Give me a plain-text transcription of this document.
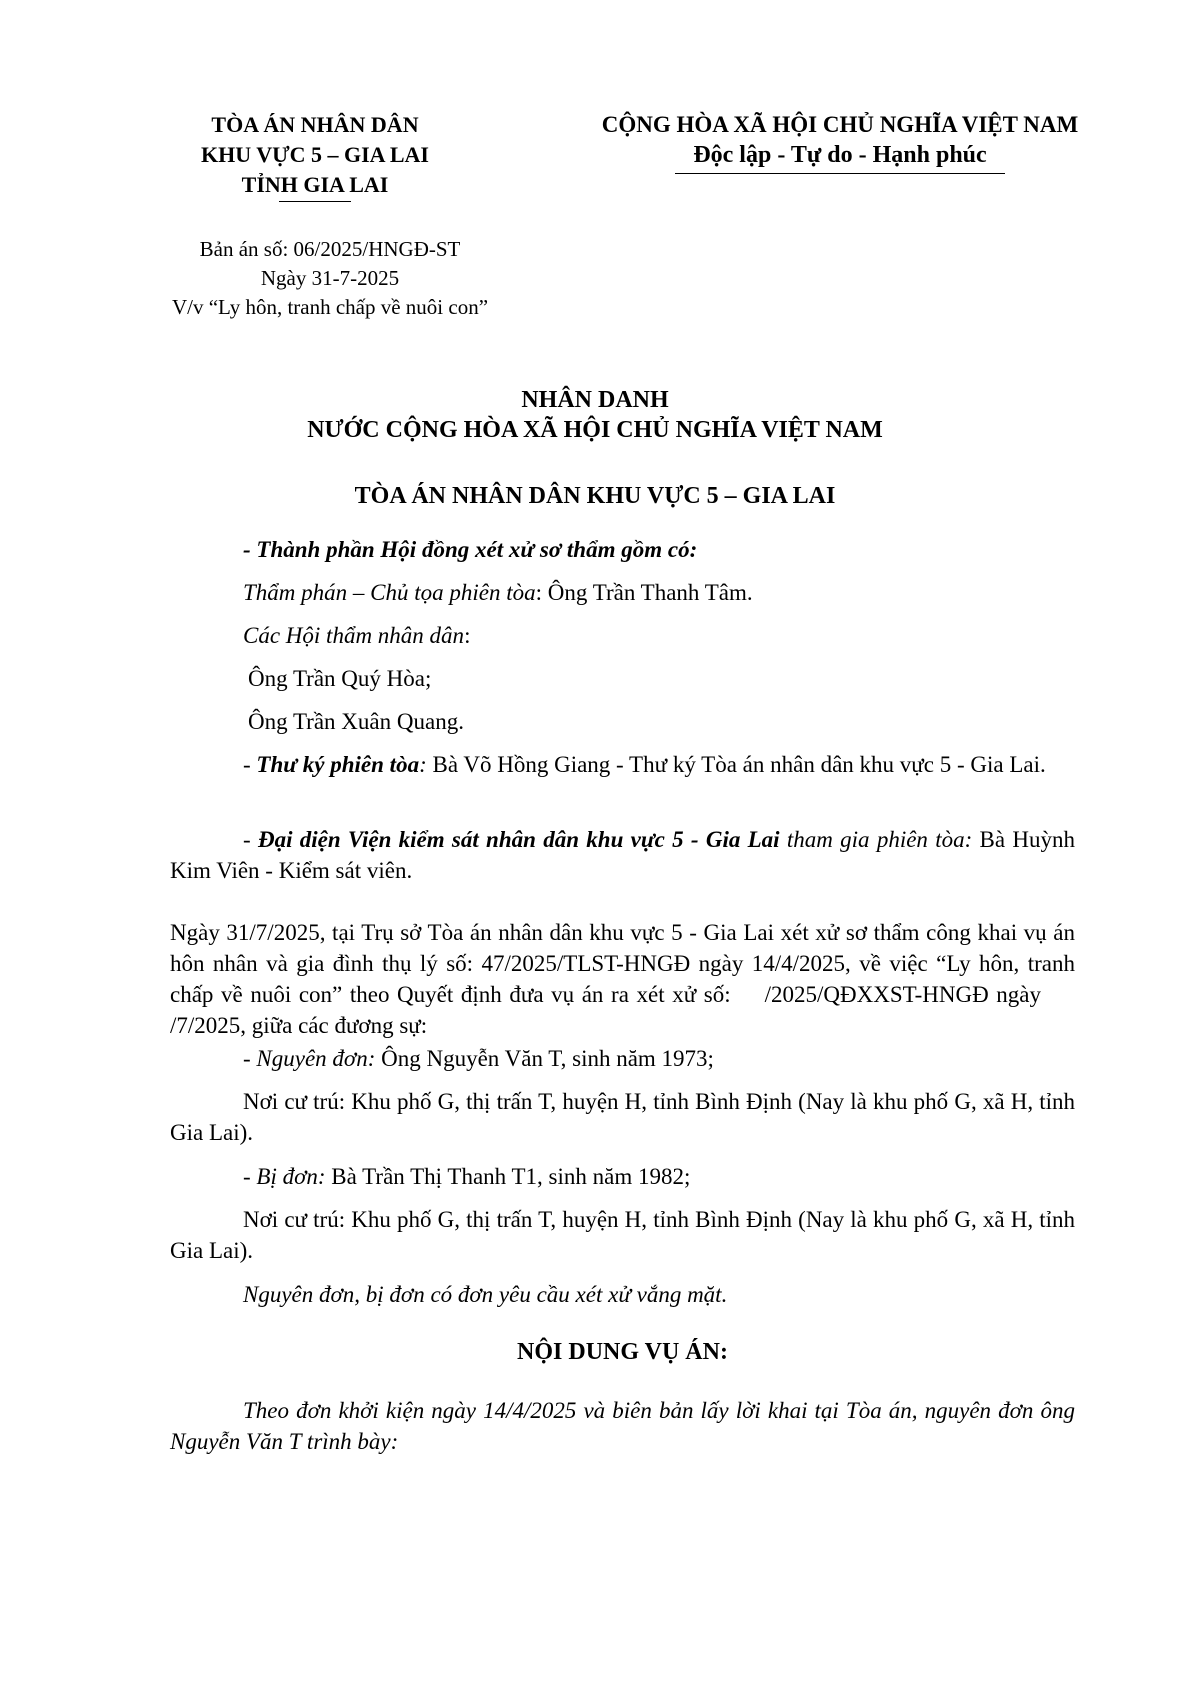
TÒA ÁN NHÂN DÂN
KHU VỰC 5 – GIA LAI
TỈNH GIA LAI
CỘNG HÒA XÃ HỘI CHỦ NGHĨA VIỆT NAM
Độc lập - Tự do - Hạnh phúc
Bản án số: 06/2025/HNGĐ-ST
Ngày 31-7-2025
V/v “Ly hôn, tranh chấp về nuôi con”
NHÂN DANH
NƯỚC CỘNG HÒA XÃ HỘI CHỦ NGHĨA VIỆT NAM
TÒA ÁN NHÂN DÂN KHU VỰC 5 – GIA LAI
- Thành phần Hội đồng xét xử sơ thẩm gồm có:
Thẩm phán – Chủ tọa phiên tòa: Ông Trần Thanh Tâm.
Các Hội thẩm nhân dân:
Ông Trần Quý Hòa;
Ông Trần Xuân Quang.
- Thư ký phiên tòa: Bà Võ Hồng Giang - Thư ký Tòa án nhân dân khu vực 5 - Gia Lai.
- Đại diện Viện kiểm sát nhân dân khu vực 5 - Gia Lai tham gia phiên tòa: Bà Huỳnh Kim Viên - Kiểm sát viên.
Ngày 31/7/2025, tại Trụ sở Tòa án nhân dân khu vực 5 - Gia Lai xét xử sơ thẩm công khai vụ án hôn nhân và gia đình thụ lý số: 47/2025/TLST-HNGĐ ngày 14/4/2025, về việc “Ly hôn, tranh chấp về nuôi con” theo Quyết định đưa vụ án ra xét xử số: /2025/QĐXXST-HNGĐ ngày/7/2025, giữa các đương sự:
- Nguyên đơn: Ông Nguyễn Văn T, sinh năm 1973;
Nơi cư trú: Khu phố G, thị trấn T, huyện H, tỉnh Bình Định (Nay là khu phố G, xã H, tỉnh Gia Lai).
- Bị đơn: Bà Trần Thị Thanh T1, sinh năm 1982;
Nơi cư trú: Khu phố G, thị trấn T, huyện H, tỉnh Bình Định (Nay là khu phố G, xã H, tỉnh Gia Lai).
Nguyên đơn, bị đơn có đơn yêu cầu xét xử vắng mặt.
NỘI DUNG VỤ ÁN:
Theo đơn khởi kiện ngày 14/4/2025 và biên bản lấy lời khai tại Tòa án, nguyên đơn ông Nguyễn Văn T trình bày:
